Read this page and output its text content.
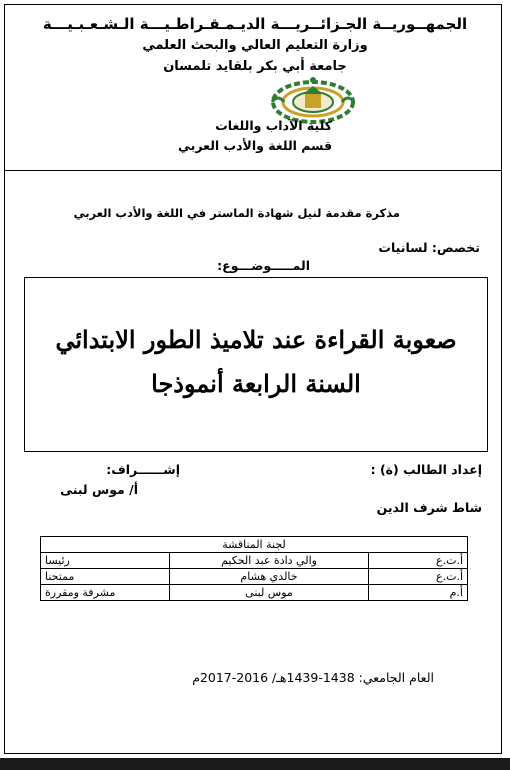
الجمهــوريــة الجـزائــريـــة الديـمـقـراطـيـــة الـشـعـبـيـــة
وزارة التعليم العالي والبحث العلمي
جامعة أبي بكر بلقايد تلمسان
كلية الآداب واللغات
قسم اللغة والأدب العربي
مذكرة مقدمة لنيل شهادة الماستر في اللغة والأدب العربي
تخصص: لسانيات
المـــــوضـــوع:
صعوبة القراءة عند تلاميذ الطور الابتدائي
السنة الرابعة أنموذجا
إعداد الطالب (ة) :
إشــــــراف:
أ/ موس لبنى
شاط شرف الدين
لجنة المناقشة		
أ.ت.ع	والي دادة عبد الحكيم	رئيسا
أ.ت.ع	خالدي هشام	ممتحنا
أ.م	موس لبنى	مشرفة ومقررة
العام الجامعي: 1438-1439هـ/ 2016-2017م
